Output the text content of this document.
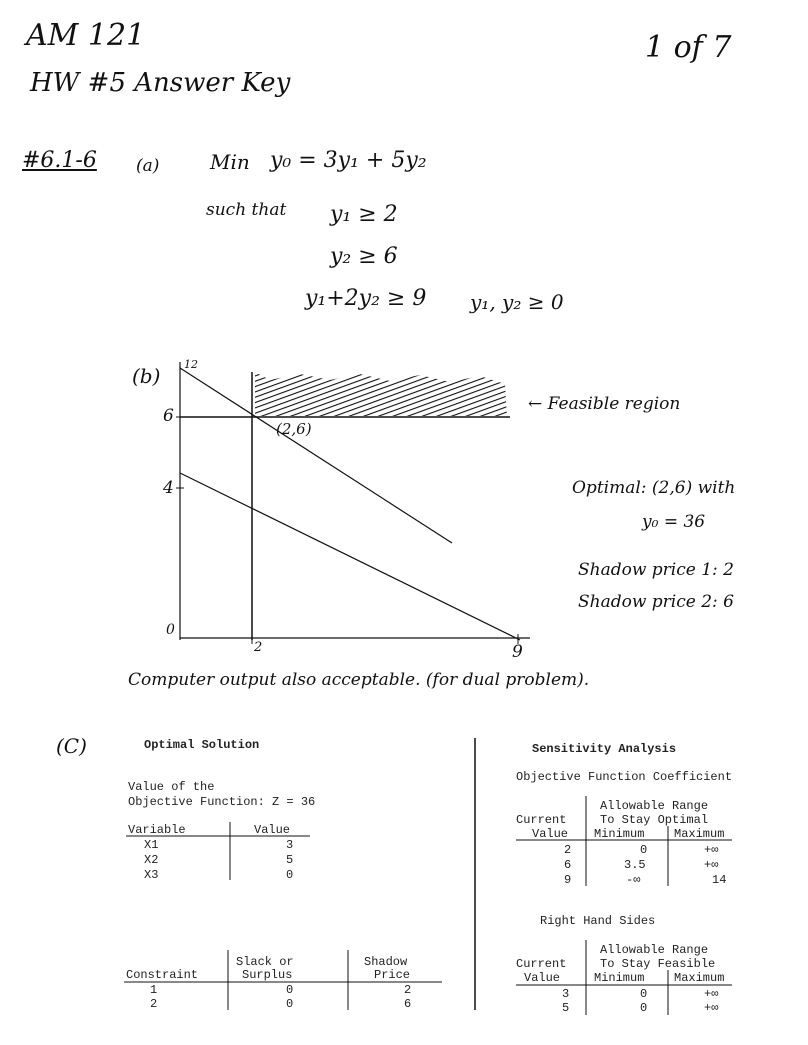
AM 121
HW #5 Answer Key
1 of 7
#6.1-6 (a)	Min y₀ = 3y₁ + 5y₂
such that y₁ ≥ 2
y₂ ≥ 6
y₁+2y₂ ≥ 9 y₁, y₂ ≥ 0
(b) 12
6
4
0
2	9
(2,6)
← Feasible region
Optimal: (2,6) with
y₀ = 36
Shadow price 1: 2
Shadow price 2: 6
Computer output also acceptable. (for dual problem).
(C)	Optimal Solution
Value of the
Objective Function: Z = 36
Variable	Value
X1	3
X2	5
X3	0
Slack or	Shadow
Constraint	Surplus	Price
1	0	2
2	0	6
Sensitivity Analysis
Objective Function Coefficient
Allowable Range
Current	To Stay Optimal
Value Minimum Maximum
2	0	+∞
6	3.5	+∞
9	-∞	14
Right Hand Sides
Allowable Range
Current	To Stay Feasible
Value	Minimum Maximum
3	0	+∞
5	0	+∞
